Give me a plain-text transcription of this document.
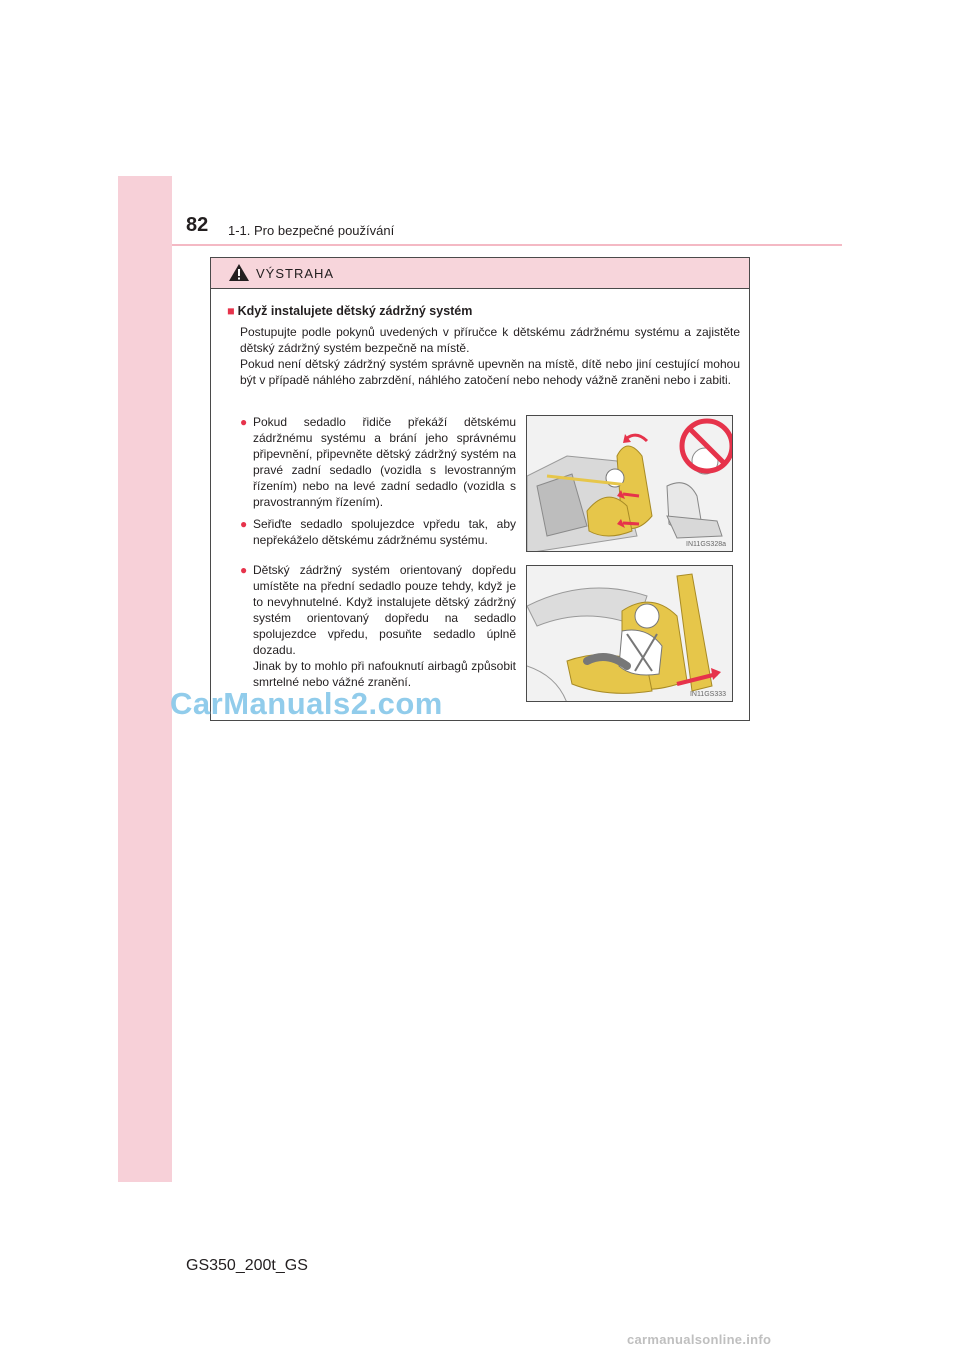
82 1-1. Pro bezpečné používání
VÝSTRAHA
■ Když instalujete dětský zádržný systém
Postupujte podle pokynů uvedených v příručce k dětskému zádržnému systému a zajistěte dětský zádržný systém bezpečně na místě.
Pokud není dětský zádržný systém správně upevněn na místě, dítě nebo jiní cestující mohou být v případě náhlého zabrzdění, náhlého zatočení nebo nehody vážně zraněni nebo i zabiti.
● Pokud sedadlo řidiče překáží dětskému zádržnému systému a brání jeho správnému připevnění, připevněte dětský zádržný systém na pravé zadní sedadlo (vozidla s levostranným řízením) nebo na levé zadní sedadlo (vozidla s pravostranným řízením).
● Seřiďte sedadlo spolujezdce vpředu tak, aby nepřekáželo dětskému zádržnému systému.
● Dětský zádržný systém orientovaný dopředu umístěte na přední sedadlo pouze tehdy, když je to nevyhnutelné. Když instalujete dětský zádržný systém orientovaný dopředu na sedadlo spolujezdce vpředu, posuňte sedadlo úplně dozadu.
Jinak by to mohlo při nafouknutí airbagů způsobit smrtelné nebo vážné zranění.
IN11GS328a
IN11GS333
CarManuals2.com
GS350_200t_GS
carmanualsonline.info
